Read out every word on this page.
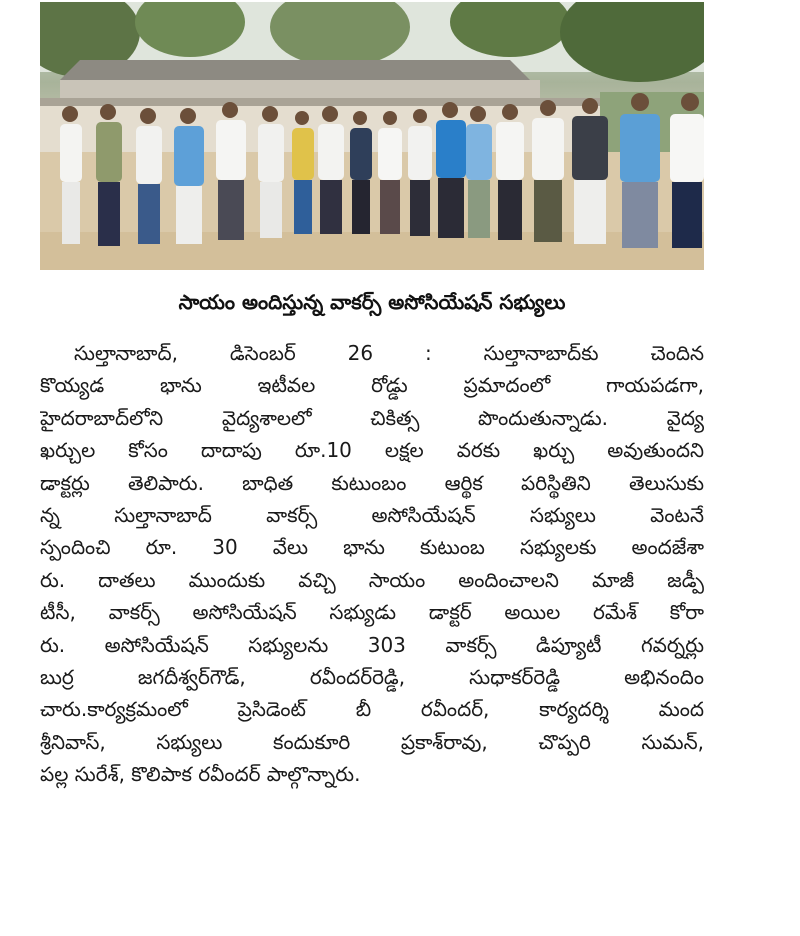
సాయం అందిస్తున్న వాకర్స్ అసోసియేషన్ సభ్యులు
సుల్తానాబాద్, డిసెంబర్ 26 : సుల్తానాబాద్‌కు చెందిన
కొయ్యడ భాను ఇటీవల రోడ్డు ప్రమాదంలో గాయపడగా,
హైదరాబాద్‌లోని వైద్యశాలలో చికిత్స పొందుతున్నాడు. వైద్య
ఖర్చుల కోసం దాదాపు రూ.10 లక్షల వరకు ఖర్చు అవుతుందని
డాక్టర్లు తెలిపారు. బాధిత కుటుంబం ఆర్థిక పరిస్థితిని తెలుసుకు
న్న సుల్తానాబాద్ వాకర్స్ అసోసియేషన్ సభ్యులు వెంటనే
స్పందించి రూ. 30 వేలు భాను కుటుంబ సభ్యులకు అందజేశా
రు. దాతలు ముందుకు వచ్చి సాయం అందించాలని మాజీ జడ్పీ
టీసీ, వాకర్స్ అసోసియేషన్ సభ్యుడు డాక్టర్ అయిల రమేశ్ కోరా
రు. అసోసియేషన్ సభ్యులను 303 వాకర్స్ డిప్యూటీ గవర్నర్లు
బుర్ర జగదీశ్వర్‌గౌడ్, రవీందర్‌రెడ్డి, సుధాకర్‌రెడ్డి అభినందిం
చారు.కార్యక్రమంలో ప్రెసిడెంట్ బీ రవీందర్, కార్యదర్శి మంద
శ్రీనివాస్, సభ్యులు కందుకూరి ప్రకాశ్‌రావు, చొప్పరి సుమన్,
పల్ల సురేశ్, కొలిపాక రవీందర్ పాల్గొన్నారు.
